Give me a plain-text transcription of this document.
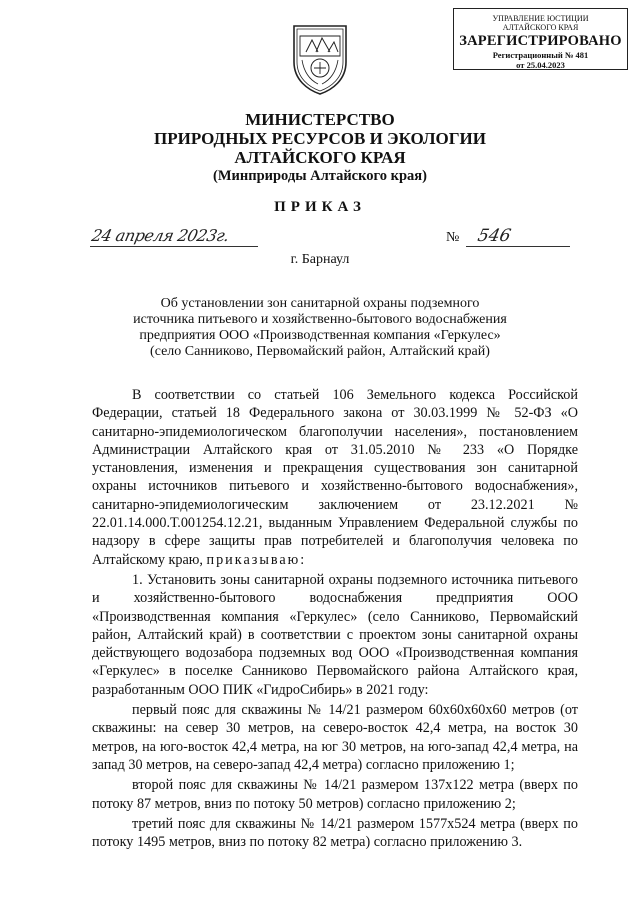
УПРАВЛЕНИЕ ЮСТИЦИИ
АЛТАЙСКОГО КРАЯ
ЗАРЕГИСТРИРОВАНО
Регистрационный № 481
от 25.04.2023
МИНИСТЕРСТВО
ПРИРОДНЫХ РЕСУРСОВ И ЭКОЛОГИИ
АЛТАЙСКОГО КРАЯ
(Минприроды Алтайского края)
ПРИКАЗ
24 апреля 2023г.	№ 546
г. Барнаул
Об установлении зон санитарной охраны подземного источника питьевого и хозяйственно-бытового водоснабжения предприятия ООО «Производственная компания «Геркулес» (село Санниково, Первомайский район, Алтайский край)

В соответствии со статьей 106 Земельного кодекса Российской Федерации, статьей 18 Федерального закона от 30.03.1999 № 52-ФЗ «О санитарно-эпидемиологическом благополучии населения», постановлением Администрации Алтайского края от 31.05.2010 № 233 «О Порядке установления, изменения и прекращения существования зон санитарной охраны источников питьевого и хозяйственно-бытового водоснабжения», санитарно-эпидемиологическим заключением от 23.12.2021 № 22.01.14.000.Т.001254.12.21, выданным Управлением Федеральной службы по надзору в сфере защиты прав потребителей и благополучия человека по Алтайскому краю, приказываю:

1. Установить зоны санитарной охраны подземного источника питьевого и хозяйственно-бытового водоснабжения предприятия ООО «Производственная компания «Геркулес» (село Санниково, Первомайский район, Алтайский край) в соответствии с проектом зоны санитарной охраны действующего водозабора подземных вод ООО «Производственная компания «Геркулес» в поселке Санниково Первомайского района Алтайского края, разработанным ООО ПИК «ГидроСибирь» в 2021 году:

первый пояс для скважины № 14/21 размером 60х60х60х60 метров (от скважины: на север 30 метров, на северо-восток 42,4 метра, на восток 30 метров, на юго-восток 42,4 метра, на юг 30 метров, на юго-запад 42,4 метра, на запад 30 метров, на северо-запад 42,4 метра) согласно приложению 1;

второй пояс для скважины № 14/21 размером 137х122 метра (вверх по потоку 87 метров, вниз по потоку 50 метров) согласно приложению 2;

третий пояс для скважины № 14/21 размером 1577х524 метра (вверх по потоку 1495 метров, вниз по потоку 82 метра) согласно приложению 3.
